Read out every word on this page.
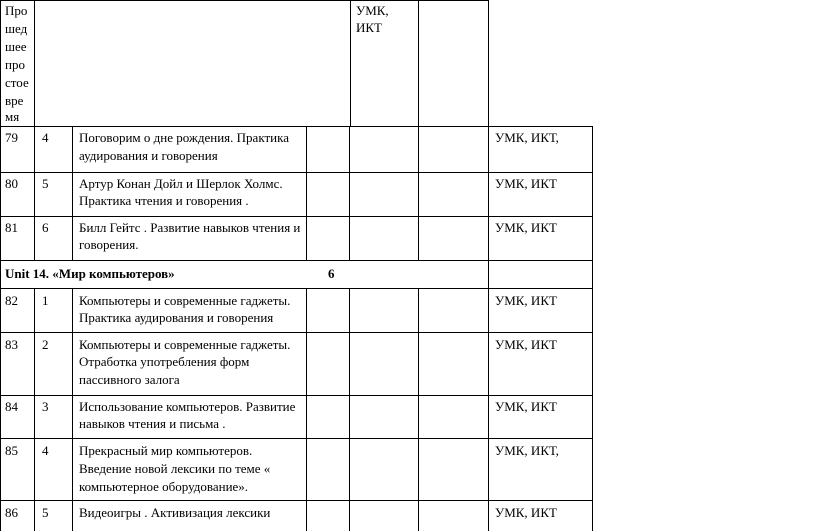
Про
шед
шее
про
стое
вре
мя
УМК,
ИКТ
79 4 Поговорим о дне рождения. Практика
аудирования и говорения
УМК, ИКТ,
80 5 Артур Конан Дойл и Шерлок Холмс.
Практика чтения и говорения .
УМК, ИКТ
81 6 Билл Гейтс . Развитие навыков чтения и
говорения.
УМК, ИКТ
Unit 14. «Мир компьютеров»	6
82 1 Компьютеры и современные гаджеты.
Практика аудирования и говорения
УМК, ИКТ
83 2 Компьютеры и современные гаджеты.
Отработка употребления форм
пассивного залога
УМК, ИКТ
84 3 Использование компьютеров. Развитие
навыков чтения и письма .
УМК, ИКТ
85 4 Прекрасный мир компьютеров.
Введение новой лексики по теме «
компьютерное оборудование».
УМК, ИКТ,
86 5 Видеоигры . Активизация лексики	УМК, ИКТ
